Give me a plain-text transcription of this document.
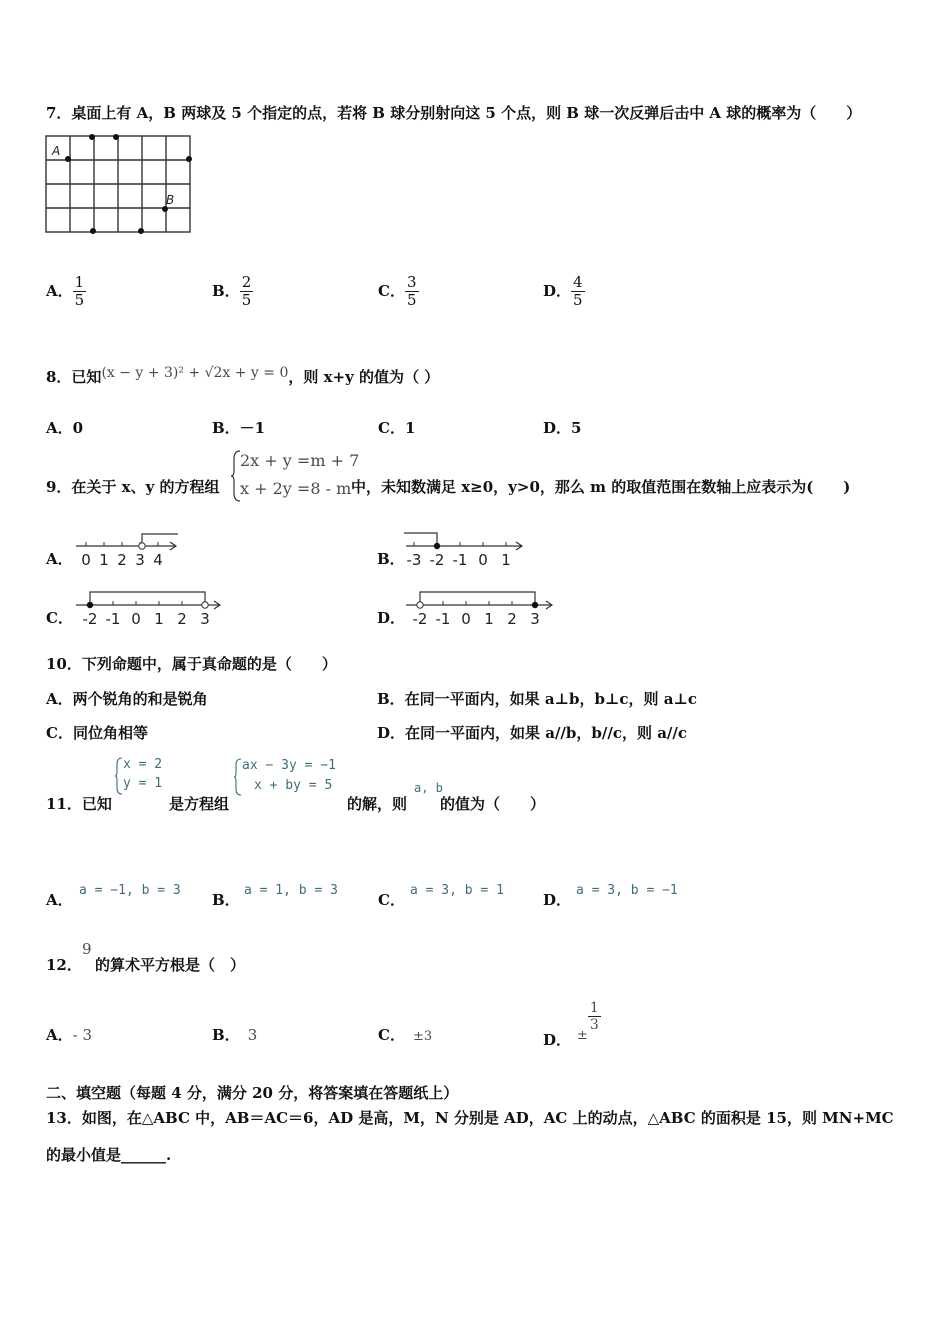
7．桌面上有 A，B 两球及 5 个指定的点，若将 B 球分别射向这 5 个点，则 B 球一次反弹后击中 A 球的概率为（　　）
A
B
A． $\frac{1}{5}$	B． $\frac{2}{5}$	C． $\frac{3}{5}$	D． $\frac{4}{5}$
8．已知(x − y + 3)² + √2x + y = 0，则 x+y 的值为（ ）
A．0	B．－1	C．1	D．5
9．在关于 x、y 的方程组
2x + y =m + 7
x + 2y =8 - m 中，未知数满足 x≥0，y>0，那么 m 的取值范围在数轴上应表示为(　　)
A． 0 1 2 3 4	B． -3 -2 -1 0 1
C． -2 -1 0 1 2 3	D． -2 -1 0 1 2 3
10．下列命题中，属于真命题的是（　　）
A．两个锐角的和是锐角	B．在同一平面内，如果 a⊥b，b⊥c，则 a⊥c
C．同位角相等	D．在同一平面内，如果 a//b，b//c，则 a//c
11．已知
x = 2
y = 1
是方程组
ax − 3y = −1
x + by = 5
的解，则
a, b
的值为（　　）
A．
a = −1, b = 3
B．
a = 1, b = 3
C．
a = 3, b = 1
D．
a = 3, b = −1
12．
9
的算术平方根是（　）
A．- 3	B． 3	C． ±3	D． ±
$\frac{1}{3}$
二、填空题（每题 4 分，满分 20 分，将答案填在答题纸上）
13．如图，在△ABC 中，AB＝AC＝6，AD 是高，M，N 分别是 AD，AC 上的动点，△ABC 的面积是 15，则 MN+MC
的最小值是______.
